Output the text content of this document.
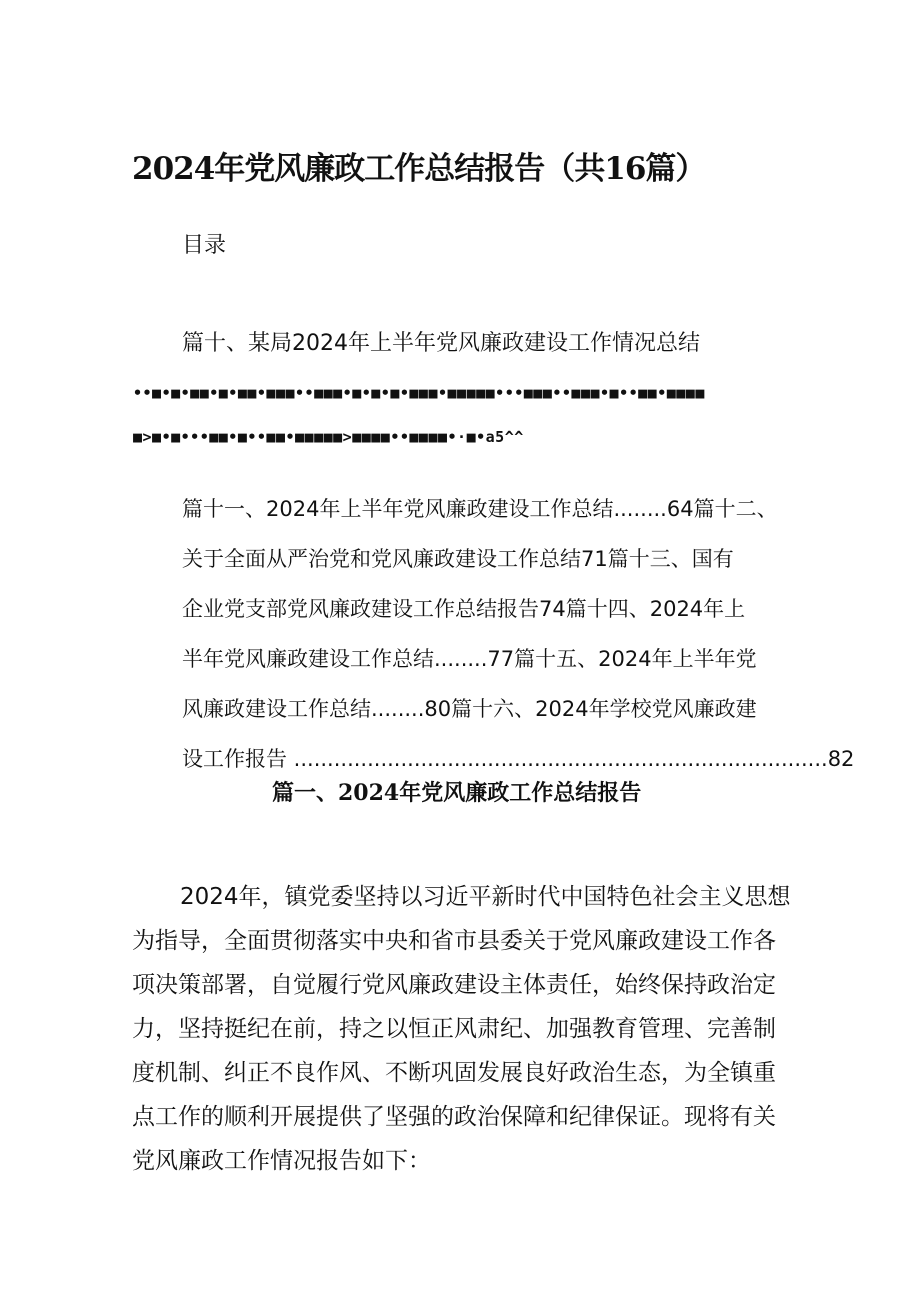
2024年党风廉政工作总结报告（共16篇）
目录
篇十、某局2024年上半年党风廉政建设工作情况总结
••■•■•■■•■•■■•■■■••■■■•■•■•■•■■■•■■■■■•••■■■••■■■•■••■■•■■■■
■>■•■•••■■•■••■■•■■■■■>■■■■••■■■■•·■•a5^^
篇十一、2024年上半年党风廉政建设工作总结........64篇十二、
关于全面从严治党和党风廉政建设工作总结71篇十三、国有
企业党支部党风廉政建设工作总结报告74篇十四、2024年上
半年党风廉政建设工作总结........77篇十五、2024年上半年党
风廉政建设工作总结........80篇十六、2024年学校党风廉政建
设工作报告 ................................................................................82
篇一、2024年党风廉政工作总结报告
2024年，镇党委坚持以习近平新时代中国特色社会主义思想
为指导，全面贯彻落实中央和省市县委关于党风廉政建设工作各
项决策部署，自觉履行党风廉政建设主体责任，始终保持政治定
力，坚持挺纪在前，持之以恒正风肃纪、加强教育管理、完善制
度机制、纠正不良作风、不断巩固发展良好政治生态，为全镇重
点工作的顺利开展提供了坚强的政治保障和纪律保证。现将有关
党风廉政工作情况报告如下：
